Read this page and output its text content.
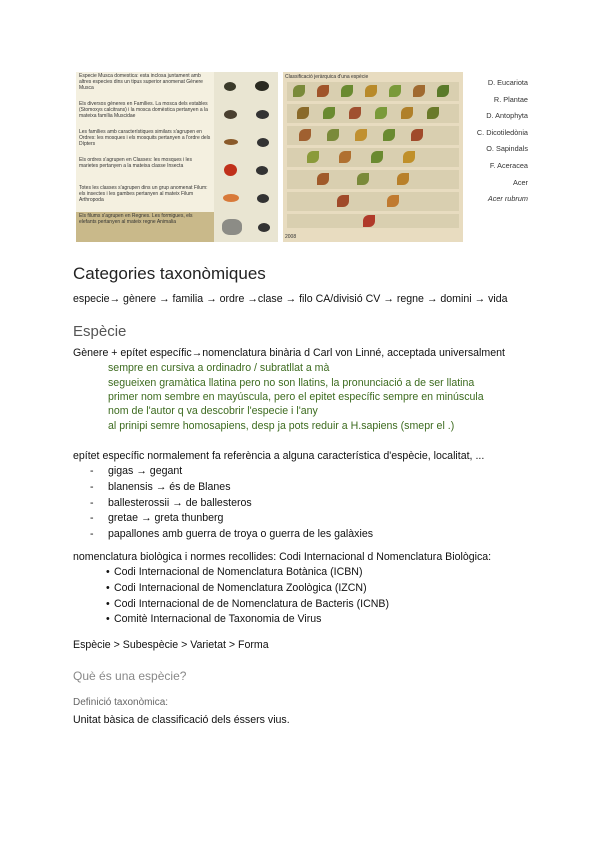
Especie Musca domestica: esta inclosa juntament amb altres especies dins un tipus superior anomenat Gènere Musca
Els diversos gèneres en Famílies. La mosca dels estables (Stomoxys calcitrans) i la mosca domèstica pertanyen a la mateixa família Muscidae
Les famílies amb característiques similars s'agrupen en Ordres: les mosques i els mosquits pertanyen a l'ordre dels Dípters
Els ordres s'agrupen en Classes: les mosques i les marietes pertanyen a la mateixa classe Insecta
Totes les classes s'agrupen dins un grup anomenat Filum: els insectes i les gambes pertanyen al mateix Filum Arthropoda
Els filums s'agrupen en Regnes. Les formigues, els elefants pertanyen al mateix regne Animalia
Classificació jeràrquica d'una espècie
2008
D. Eucariota
R. Plantae
D. Antophyta
C. Dicotiledònia
O. Sapindals
F. Aceracea
Acer
Acer rubrum
Categories taxonòmiques
especie→ gènere → familia → ordre →clase → filo CA/divisió CV → regne → domini → vida
Espècie
Gènere + epítet específic→nomenclatura binària d Carl von Linné, acceptada universalment
sempre en cursiva a ordinadro / subratllat a mà
segueixen gramàtica llatina pero no son llatins, la pronunciació a de ser llatina
primer nom sembre en mayúscula, pero el epitet específic sempre en minúscula
nom de l'autor q va descobrir l'especie i l'any
al prinipi semre homosapiens, desp ja pots reduir a H.sapiens (smepr el .)
epítet específic normalement fa referència a alguna característica d'espècie, localitat, ...
- gigas → gegant
- blanensis → és de Blanes
- ballesterossii → de ballesteros
- gretae → greta thunberg
- papallones amb guerra de troya o guerra de les galàxies
nomenclatura biològica i normes recollides: Codi Internacional d Nomenclatura Biològica:
• Codi Internacional de Nomenclatura Botànica (ICBN)
• Codi Internacional de Nomenclatura Zoològica (IZCN)
• Codi Internacional de de Nomenclatura de Bacteris (ICNB)
• Comitè Internacional de Taxonomia de Virus
Espècie > Subespècie > Varietat > Forma
Què és una espècie?
Definició taxonòmica:
Unitat bàsica de classificació dels éssers vius.
